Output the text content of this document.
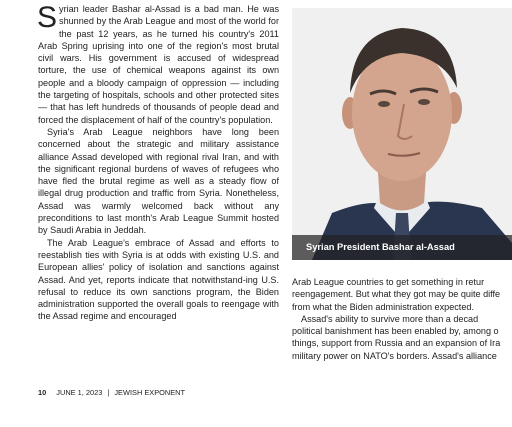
Syrian leader Bashar al-Assad is a bad man. He was shunned by the Arab League and most of the world for the past 12 years, as he turned his country's 2011 Arab Spring uprising into one of the region's most brutal civil wars. His government is accused of widespread torture, the use of chemical weapons against its own people and a bloody campaign of oppression — including the targeting of hospitals, schools and other protected sites — that has left hundreds of thousands of people dead and forced the displacement of half of the country's population.

Syria's Arab League neighbors have long been concerned about the strategic and military assistance alliance Assad developed with regional rival Iran, and with the significant regional burdens of waves of refugees who have fled the brutal regime as well as a steady flow of illegal drug production and traffic from Syria. Nonetheless, Assad was warmly welcomed back without any preconditions to last month's Arab League Summit hosted by Saudi Arabia in Jeddah.

The Arab League's embrace of Assad and efforts to reestablish ties with Syria is at odds with existing U.S. and European allies' policy of isolation and sanctions against Assad. And yet, reports indicate that notwithstand-ing U.S. refusal to reduce its own sanctions program, the Biden administration supported the overall goals to reengage with the Assad regime and encouraged

Syrian President Bashar al-Assad

Arab League countries to get something in retur

reengagement. But what they got may be quite diffe

from what the Biden administration expected.

Assad's ability to survive more than a decad

political banishment has been enabled by, among o

things, support from Russia and an expansion of Ira

military power on NATO's borders. Assad's alliance

10 JUNE 1, 2023 | JEWISH EXPONENT
